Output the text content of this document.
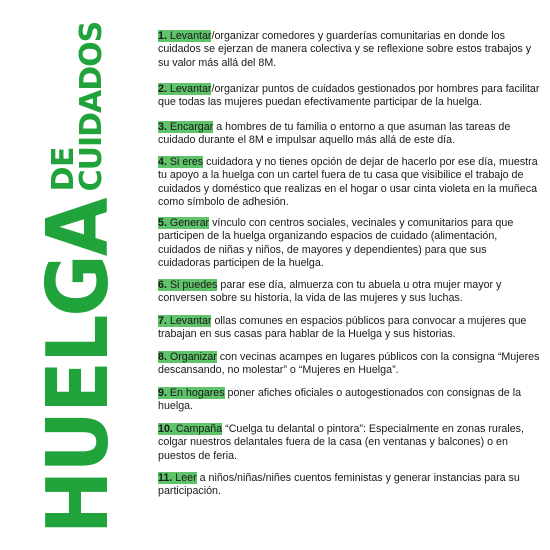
HUELGA
DE
CUIDADOS	1. Levantar/organizar comedores y guarderías comunitarias en donde los cuidados se ejerzan de manera colectiva y se reflexione sobre estos trabajos y su valor más allá del 8M.

2. Levantar/organizar puntos de cuidados gestionados por hombres para facilitar que todas las mujeres puedan efectivamente participar de la huelga.

3. Encargar a hombres de tu familia o entorno a que asuman las tareas de cuidado durante el 8M e impulsar aquello más allá de este día.

4. Si eres cuidadora y no tienes opción de dejar de hacerlo por ese día, muestra tu apoyo a la huelga con un cartel fuera de tu casa que visibilice el trabajo de cuidados y doméstico que realizas en el hogar o usar cinta violeta en la muñeca como símbolo de adhesión.

5. Generar vínculo con centros sociales, vecinales y comunitarios para que participen de la huelga organizando espacios de cuidado (alimentación, cuidados de niñas y niños, de mayores y dependientes) para que sus cuidadoras participen de la huelga.

6. Si puedes parar ese día, almuerza con tu abuela u otra mujer mayor y conversen sobre su historia, la vida de las mujeres y sus luchas.

7. Levantar ollas comunes en espacios públicos para convocar a mujeres que trabajan en sus casas para hablar de la Huelga y sus historias.

8. Organizar con vecinas acampes en lugares públicos con la consigna “Mujeres descansando, no molestar” o “Mujeres en Huelga”.

9. En hogares poner afiches oficiales o autogestionados con consignas de la huelga.

10. Campaña “Cuelga tu delantal o pintora”: Especialmente en zonas rurales, colgar nuestros delantales fuera de la casa (en ventanas y balcones) o en puestos de feria.

11. Leer a niños/niñas/niñes cuentos feministas y generar instancias para su participación.
